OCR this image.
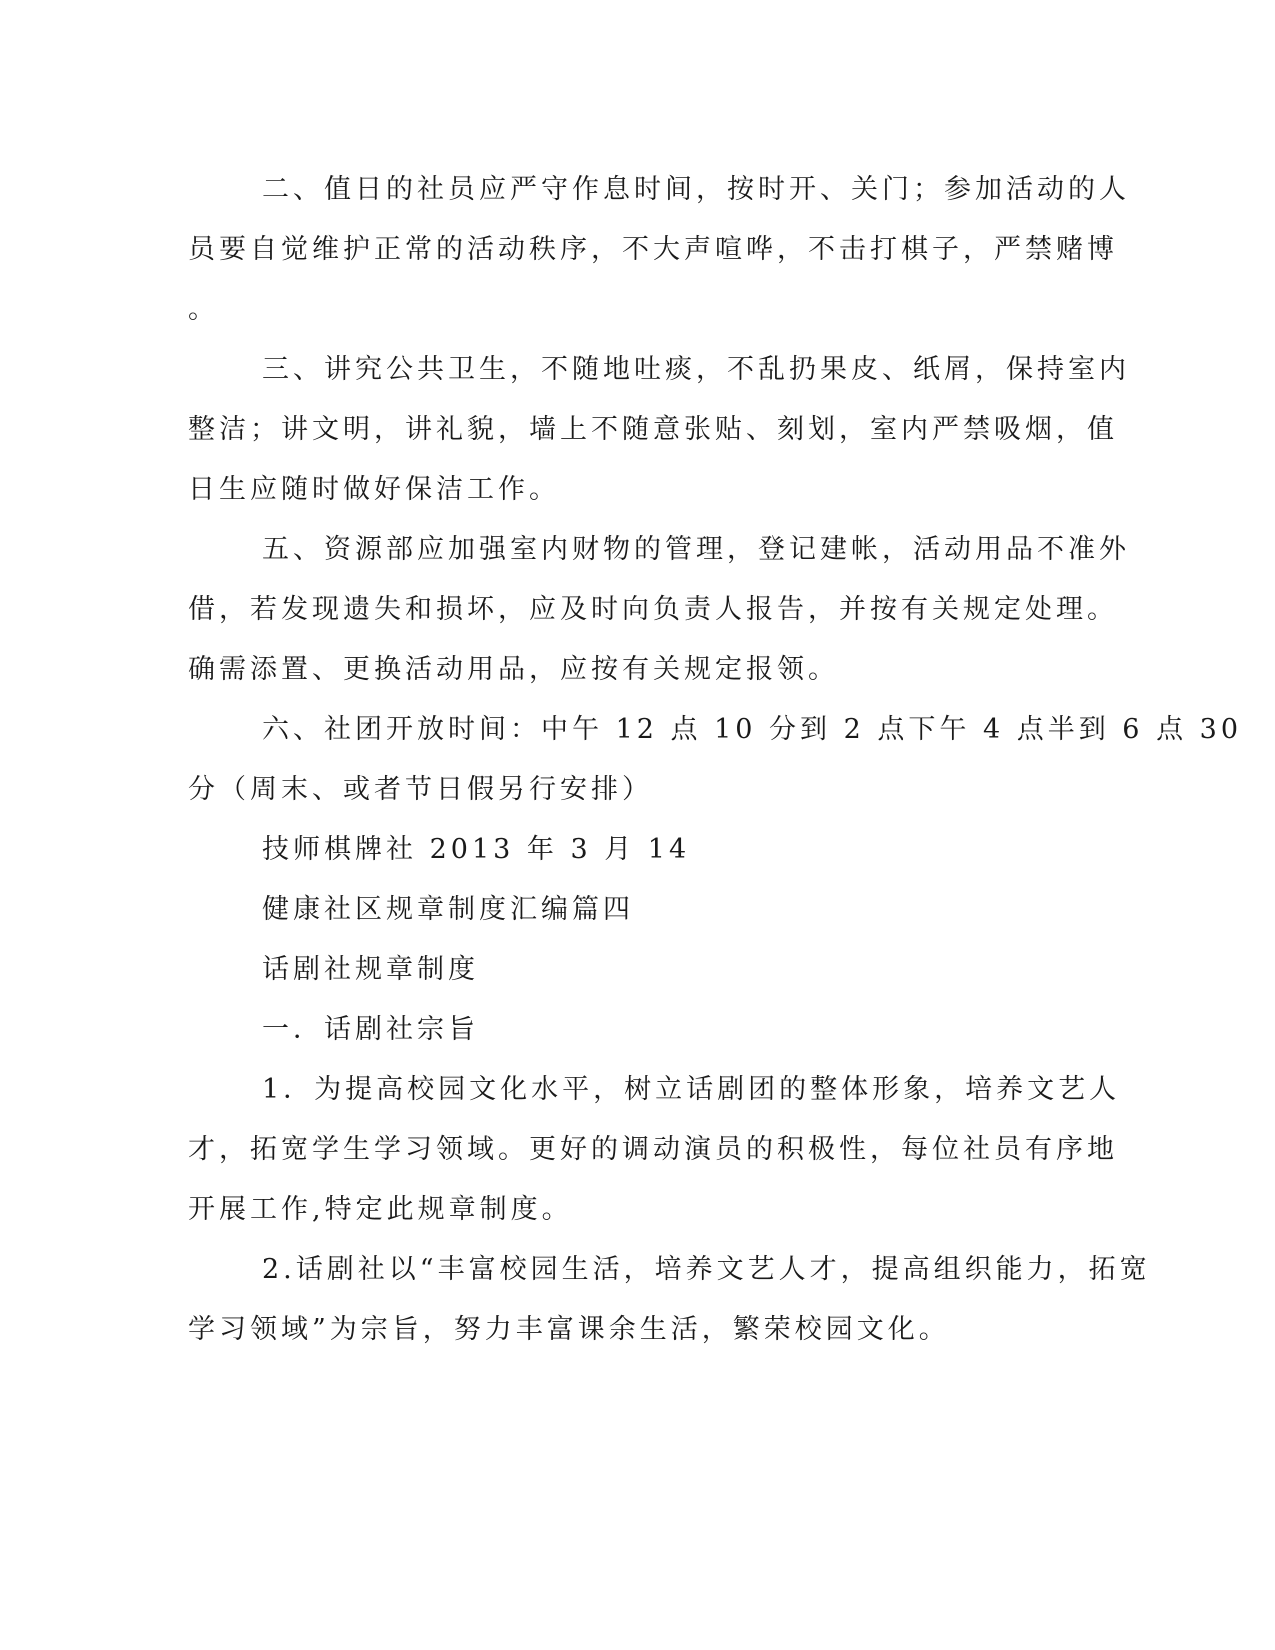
二、值日的社员应严守作息时间，按时开、关门；参加活动的人
员要自觉维护正常的活动秩序，不大声喧哗，不击打棋子，严禁赌博
。
三、讲究公共卫生，不随地吐痰，不乱扔果皮、纸屑，保持室内
整洁；讲文明，讲礼貌，墙上不随意张贴、刻划，室内严禁吸烟，值
日生应随时做好保洁工作。
五、资源部应加强室内财物的管理，登记建帐，活动用品不准外
借，若发现遗失和损坏，应及时向负责人报告，并按有关规定处理。
确需添置、更换活动用品，应按有关规定报领。
六、社团开放时间：中午 12 点 10 分到 2 点下午 4 点半到 6 点 30
分（周末、或者节日假另行安排）
技师棋牌社 2013 年 3 月 14
健康社区规章制度汇编篇四
话剧社规章制度
一．话剧社宗旨
1．为提高校园文化水平，树立话剧团的整体形象，培养文艺人
才，拓宽学生学习领域。更好的调动演员的积极性，每位社员有序地
开展工作,特定此规章制度。
2.话剧社以“丰富校园生活，培养文艺人才，提高组织能力，拓宽
学习领域”为宗旨，努力丰富课余生活，繁荣校园文化。
